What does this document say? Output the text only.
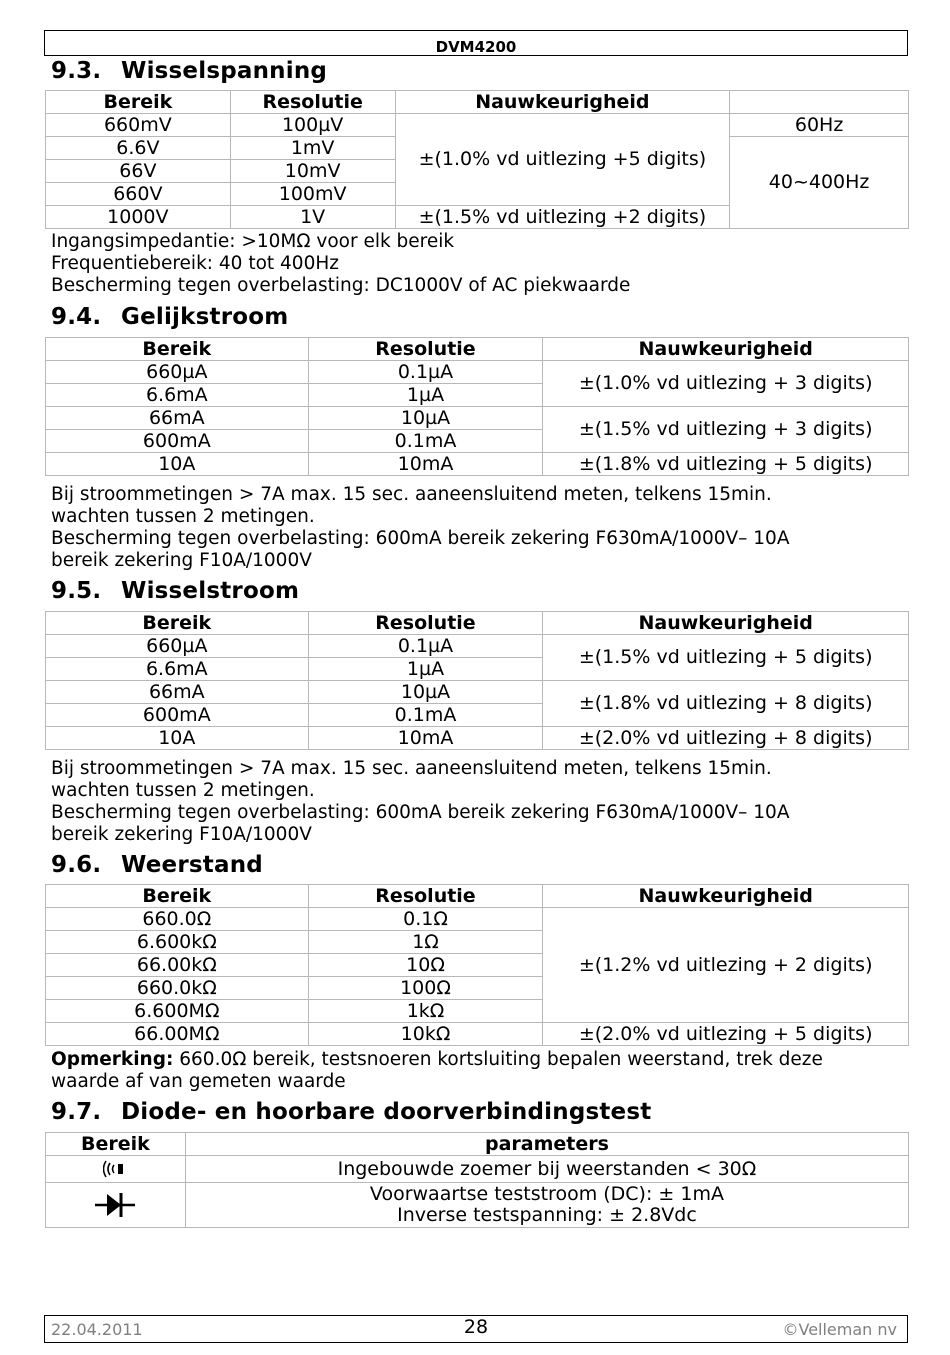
DVM4200
9.3. Wisselspanning
Bereik	Resolutie	Nauwkeurigheid	
660mV	100µV	±(1.0% vd uitlezing +5 digits)	60Hz
6.6V	1mV		40~400Hz
66V	10mV		
660V	100mV		
1000V	1V	±(1.5% vd uitlezing +2 digits)	

Ingangsimpedantie: >10MΩ voor elk bereik

Frequentiebereik: 40 tot 400Hz

Bescherming tegen overbelasting: DC1000V of AC piekwaarde

9.4. Gelijkstroom
Bereik	Resolutie	Nauwkeurigheid
660µA	0.1µA	±(1.0% vd uitlezing + 3 digits)
6.6mA	1µA	
66mA	10µA	±(1.5% vd uitlezing + 3 digits)
600mA	0.1mA	
10A	10mA	±(1.8% vd uitlezing + 5 digits)

Bij stroommetingen > 7A max. 15 sec. aaneensluitend meten, telkens 15min.

wachten tussen 2 metingen.

Bescherming tegen overbelasting: 600mA bereik zekering F630mA/1000V– 10A

bereik zekering F10A/1000V

9.5. Wisselstroom
Bereik	Resolutie	Nauwkeurigheid
660µA	0.1µA	±(1.5% vd uitlezing + 5 digits)
6.6mA	1µA	
66mA	10µA	±(1.8% vd uitlezing + 8 digits)
600mA	0.1mA	
10A	10mA	±(2.0% vd uitlezing + 8 digits)

Bij stroommetingen > 7A max. 15 sec. aaneensluitend meten, telkens 15min.

wachten tussen 2 metingen.

Bescherming tegen overbelasting: 600mA bereik zekering F630mA/1000V– 10A

bereik zekering F10A/1000V

9.6. Weerstand
Bereik	Resolutie	Nauwkeurigheid
660.0Ω	0.1Ω	±(1.2% vd uitlezing + 2 digits)
6.600kΩ	1Ω	
66.00kΩ	10Ω	
660.0kΩ	100Ω	
6.600MΩ	1kΩ	
66.00MΩ	10kΩ	±(2.0% vd uitlezing + 5 digits)

Opmerking: 660.0Ω bereik, testsnoeren kortsluiting bepalen weerstand, trek deze

waarde af van gemeten waarde

9.7. Diode- en hoorbare doorverbindingstest
Bereik	parameters

	Ingebouwde zoemer bij weerstanden < 30Ω

Voorwaartse teststroom (DC): ± 1mA
Inverse testspanning: ± 2.8Vdc
22.04.2011	28	©Velleman nv
